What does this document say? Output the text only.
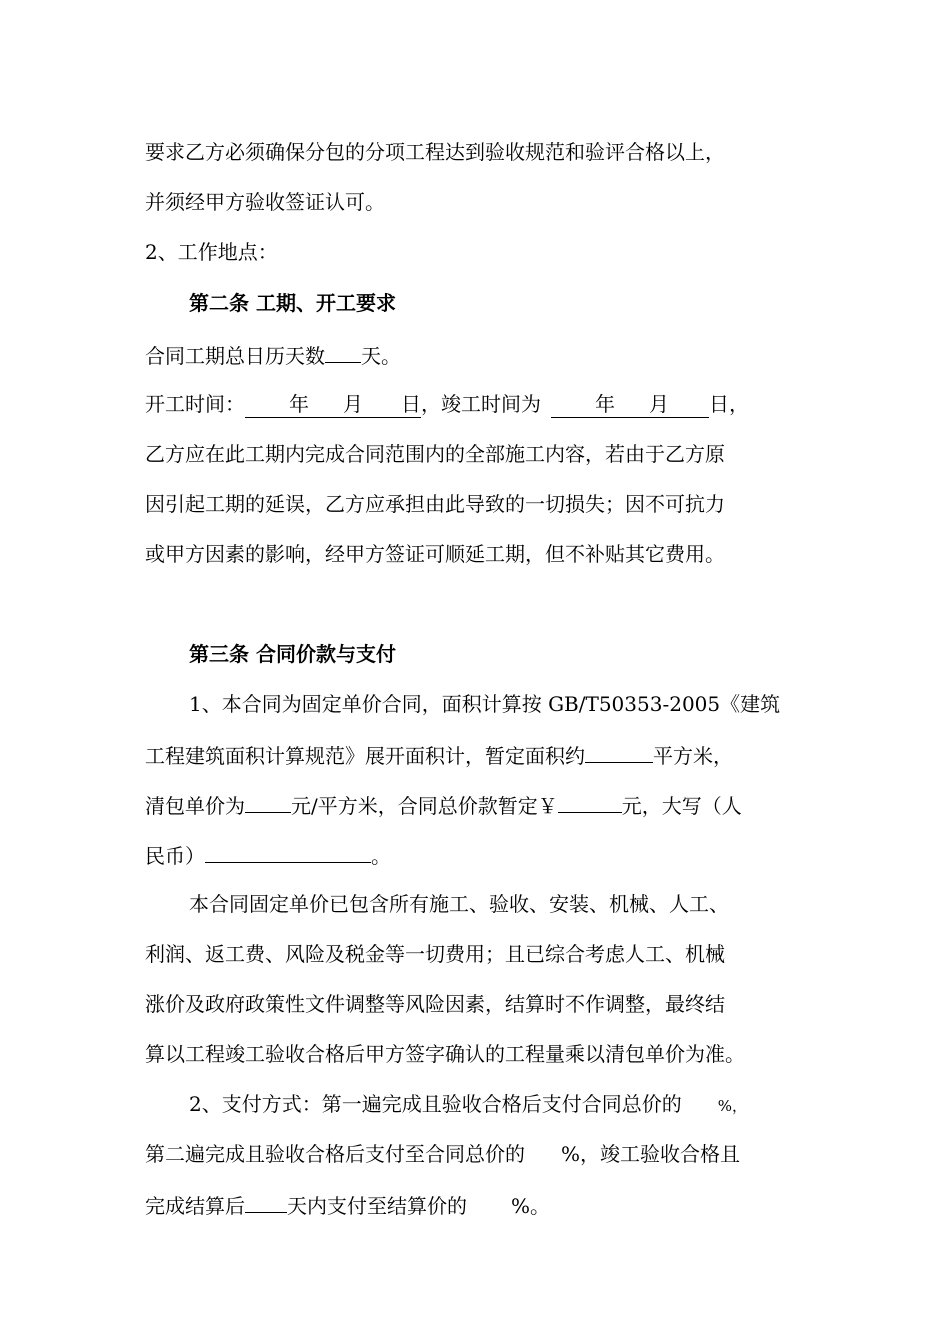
要求乙方必须确保分包的分项工程达到验收规范和验评合格以上，
并须经甲方验收签证认可。
2、工作地点：
第二条 工期、开工要求
合同工期总日历天数 天。
开工时间： 年 月 日，竣工时间为	年 月 日，
乙方应在此工期内完成合同范围内的全部施工内容，若由于乙方原
因引起工期的延误，乙方应承担由此导致的一切损失；因不可抗力
或甲方因素的影响，经甲方签证可顺延工期，但不补贴其它费用。
第三条 合同价款与支付
1、本合同为固定单价合同，面积计算按 GB/T50353-2005《建筑
工程建筑面积计算规范》展开面积计，暂定面积约	平方米，
清包单价为 元/平方米，合同总价款暂定￥	元，大写（人
民币）	。
本合同固定单价已包含所有施工、验收、安装、机械、人工、
利润、返工费、风险及税金等一切费用；且已综合考虑人工、机械
涨价及政府政策性文件调整等风险因素，结算时不作调整，最终结
算以工程竣工验收合格后甲方签字确认的工程量乘以清包单价为准。
2、支付方式：第一遍完成且验收合格后支付合同总价的 %，
第二遍完成且验收合格后支付至合同总价的 %，竣工验收合格且
完成结算后 天内支付至结算价的 %。
